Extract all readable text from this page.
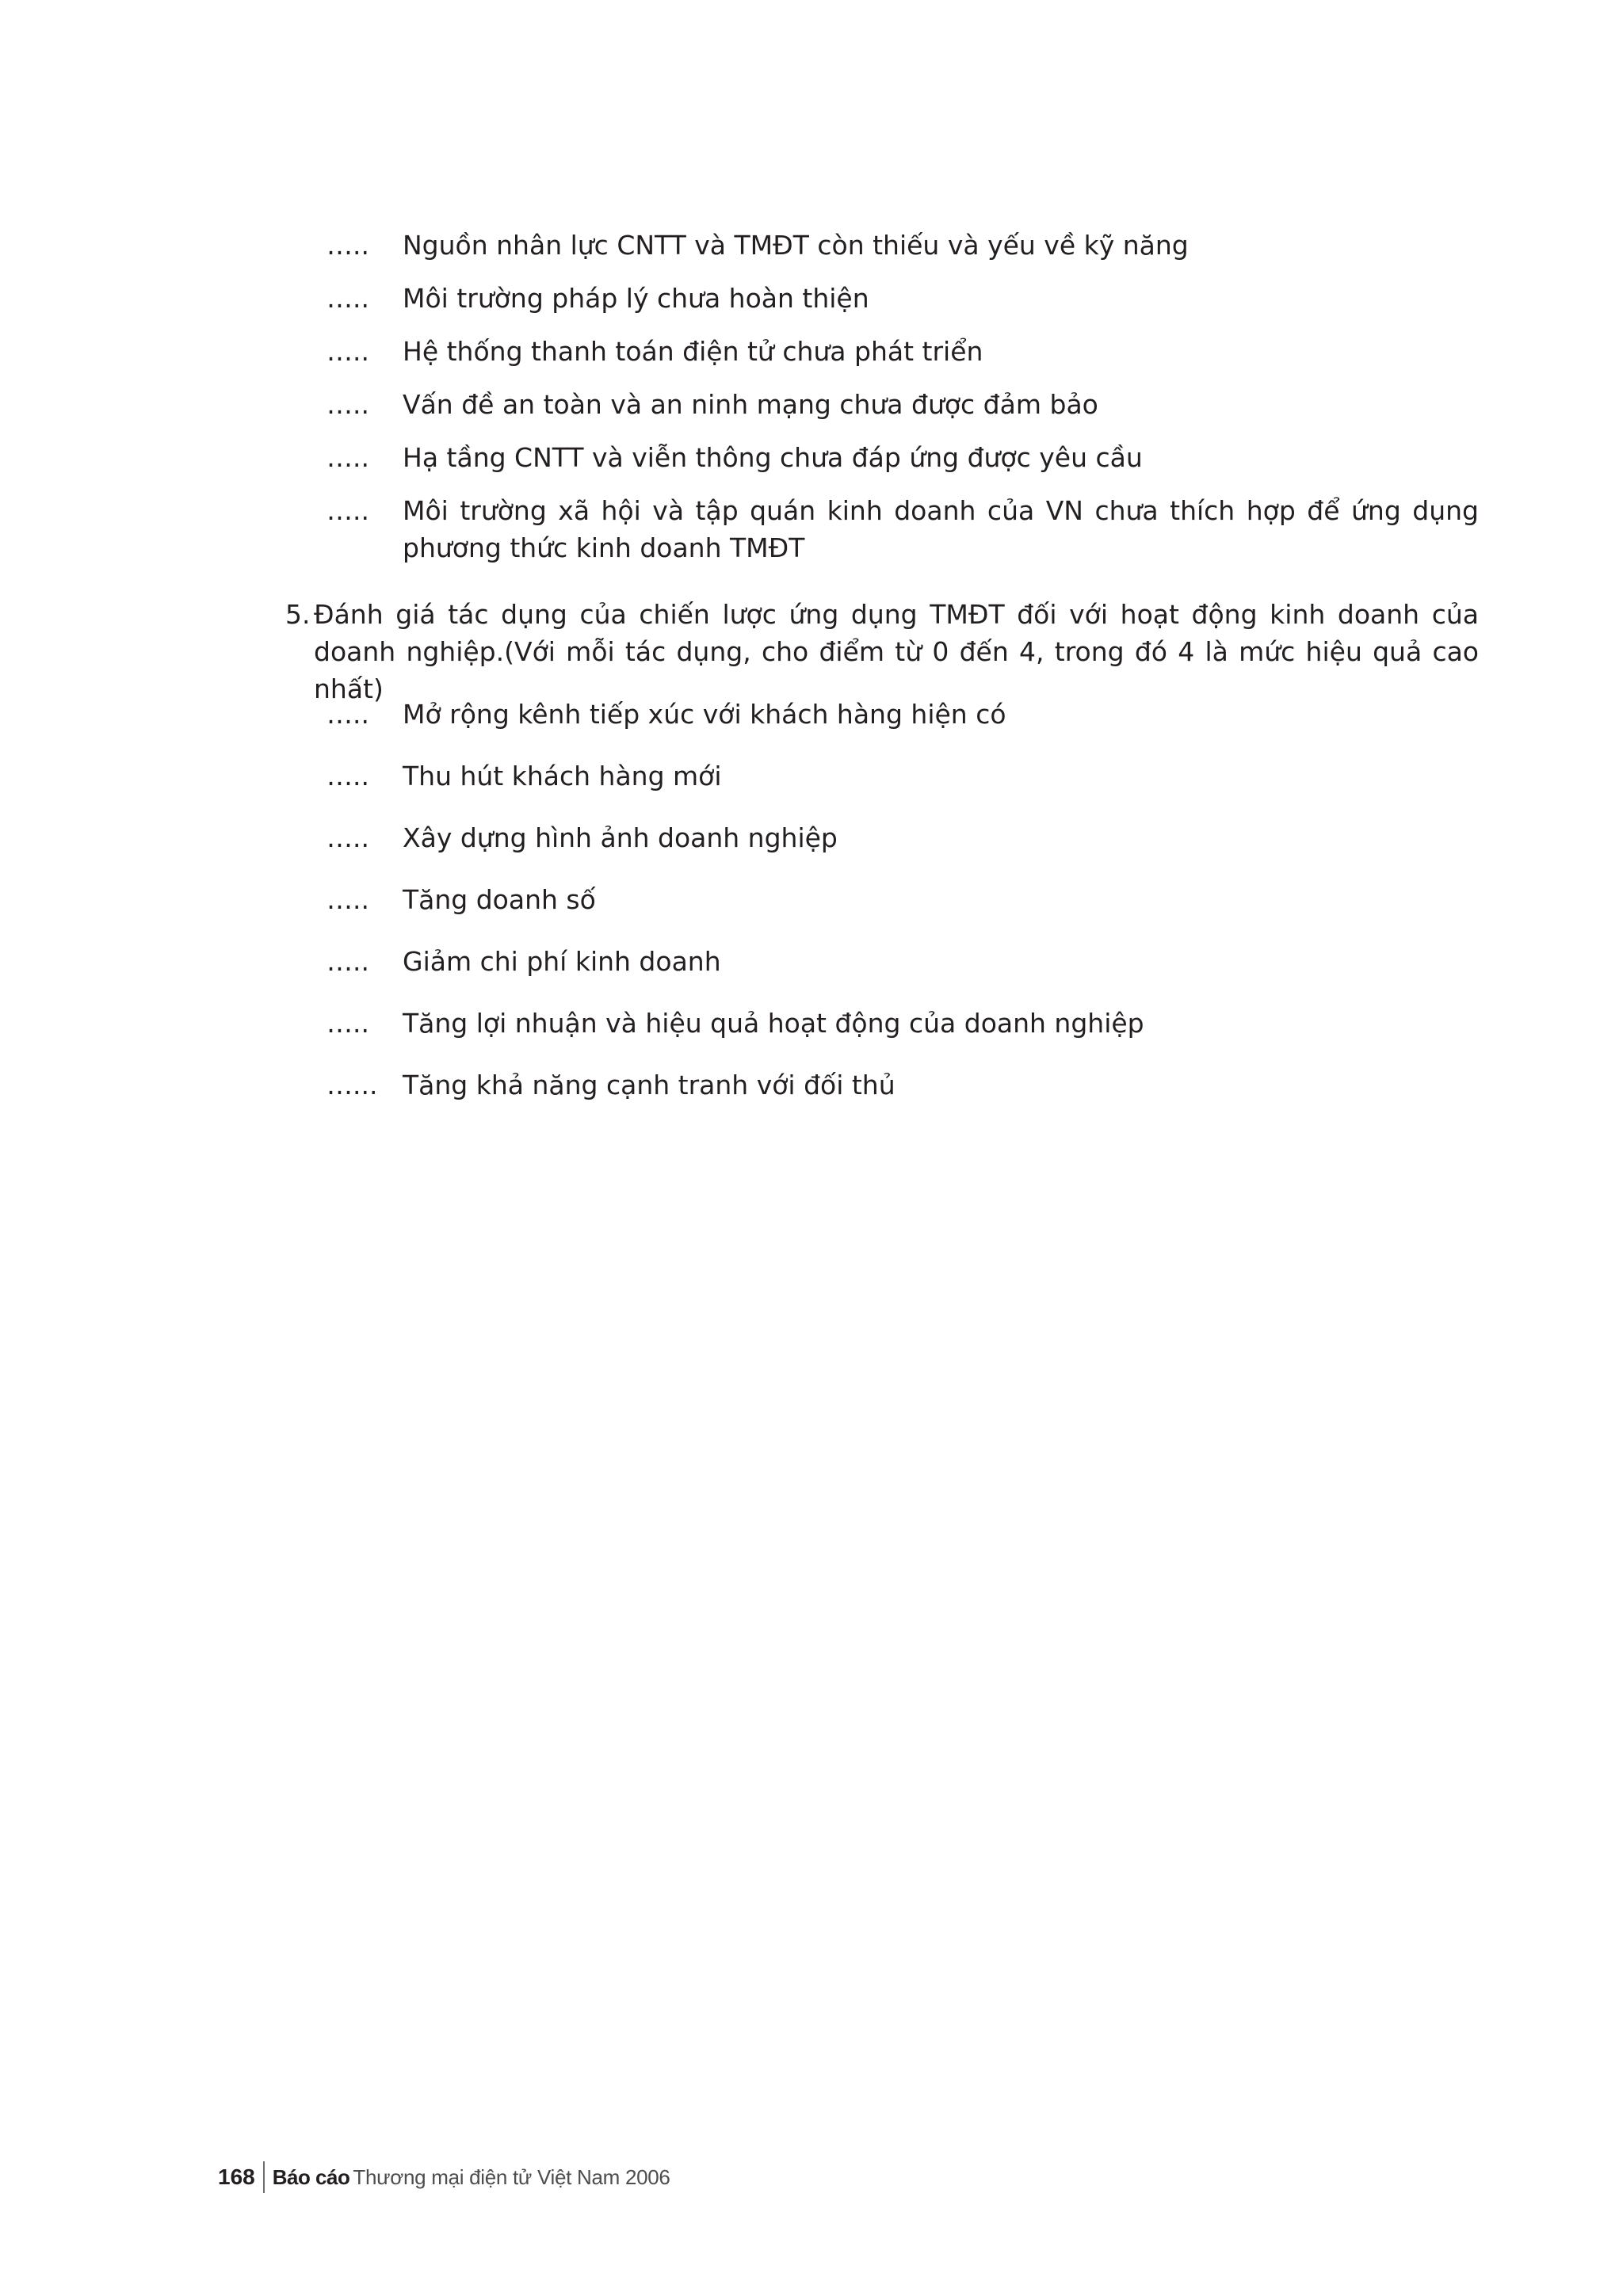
….. Nguồn nhân lực CNTT và TMĐT còn thiếu và yếu về kỹ năng
….. Môi trường pháp lý chưa hoàn thiện
….. Hệ thống thanh toán điện tử chưa phát triển
….. Vấn đề an toàn và an ninh mạng chưa được đảm bảo
….. Hạ tầng CNTT và viễn thông chưa đáp ứng được yêu cầu
….. Môi trường xã hội và tập quán kinh doanh của VN chưa thích hợp để ứng dụng phương thức kinh doanh TMĐT
5. Đánh giá tác dụng của chiến lược ứng dụng TMĐT đối với hoạt động kinh doanh của doanh nghiệp.(Với mỗi tác dụng, cho điểm từ 0 đến 4, trong đó 4 là mức hiệu quả cao nhất)
….. Mở rộng kênh tiếp xúc với khách hàng hiện có
….. Thu hút khách hàng mới
….. Xây dựng hình ảnh doanh nghiệp
….. Tăng doanh số
….. Giảm chi phí kinh doanh
….. Tăng lợi nhuận và hiệu quả hoạt động của doanh nghiệp
…... Tăng khả năng cạnh tranh với đối thủ
168 Báo cáo Thương mại điện tử Việt Nam 2006
